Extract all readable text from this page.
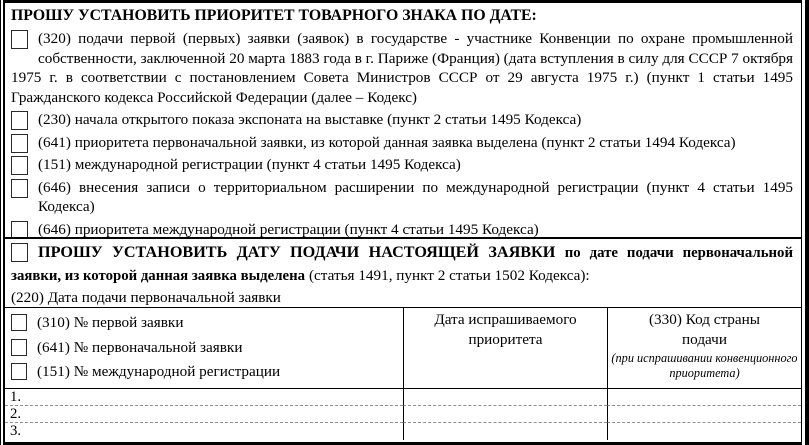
ПРОШУ УСТАНОВИТЬ ПРИОРИТЕТ ТОВАРНОГО ЗНАКА ПО ДАТЕ:

(320) подачи первой (первых) заявки (заявок) в государстве - участнике Конвенции по охране промышленной собственности, заключенной 20 марта 1883 года в г. Париже (Франция) (дата вступления в силу для СССР 7 октября 1975 г. в соответствии с постановлением Совета Министров СССР от 29 августа 1975 г.) (пункт 1 статьи 1495 Гражданского кодекса Российской Федерации (далее – Кодекс)

(230) начала открытого показа экспоната на выставке (пункт 2 статьи 1495 Кодекса)

(641) приоритета первоначальной заявки, из которой данная заявка выделена (пункт 2 статьи 1494 Кодекса)

(151) международной регистрации (пункт 4 статьи 1495 Кодекса)

(646) внесения записи о территориальном расширении по международной регистрации (пункт 4 статьи 1495 Кодекса)

(646) приоритета международной регистрации (пункт 4 статьи 1495 Кодекса)

ПРОШУ УСТАНОВИТЬ ДАТУ ПОДАЧИ НАСТОЯЩЕЙ ЗАЯВКИ по дате подачи первоначальной заявки, из которой данная заявка выделена (статья 1491, пункт 2 статьи 1502 Кодекса):

(220) Дата подачи первоначальной заявки

(310) № первой заявки

(641) № первоначальной заявки

(151) № международной регистрации

Дата испрашиваемого приоритета
(330) Код страны
подачи
(при испрашивании конвенционного приоритета)
1.
2.
3.
